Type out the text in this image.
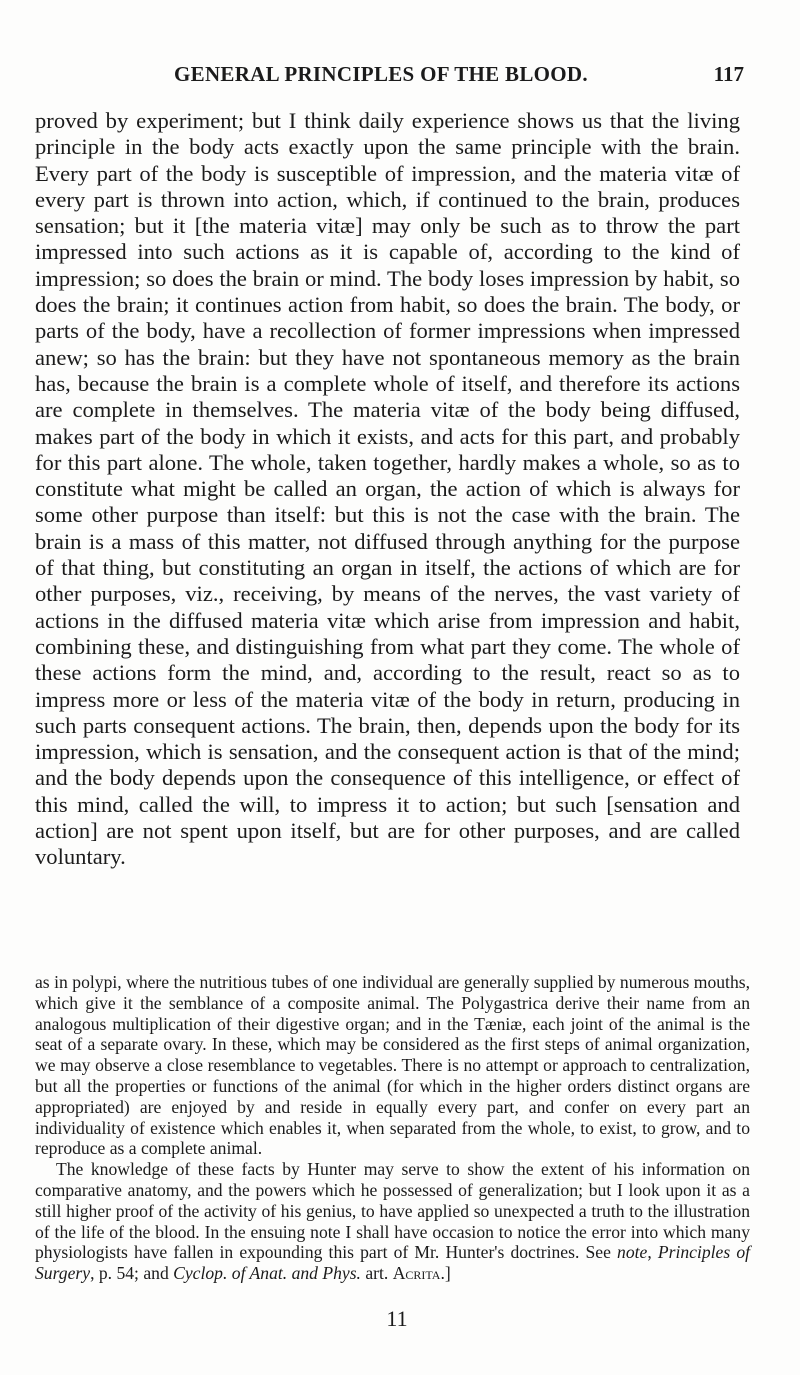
GENERAL PRINCIPLES OF THE BLOOD.	117

proved by experiment; but I think daily experience shows us that the living principle in the body acts exactly upon the same principle with the brain. Every part of the body is susceptible of impression, and the materia vitæ of every part is thrown into action, which, if continued to the brain, produces sensation; but it [the materia vitæ] may only be such as to throw the part impressed into such actions as it is capable of, according to the kind of impression; so does the brain or mind. The body loses impression by habit, so does the brain; it continues action from habit, so does the brain. The body, or parts of the body, have a recollection of former impressions when impressed anew; so has the brain: but they have not spontaneous memory as the brain has, because the brain is a complete whole of itself, and therefore its actions are complete in themselves. The materia vitæ of the body being diffused, makes part of the body in which it exists, and acts for this part, and probably for this part alone. The whole, taken together, hardly makes a whole, so as to constitute what might be called an organ, the action of which is always for some other purpose than itself: but this is not the case with the brain. The brain is a mass of this matter, not diffused through anything for the purpose of that thing, but constituting an organ in itself, the actions of which are for other purposes, viz., receiving, by means of the nerves, the vast variety of actions in the diffused materia vitæ which arise from impression and habit, combining these, and distinguishing from what part they come. The whole of these actions form the mind, and, according to the result, react so as to impress more or less of the materia vitæ of the body in return, producing in such parts consequent actions. The brain, then, depends upon the body for its impression, which is sensation, and the consequent action is that of the mind; and the body depends upon the consequence of this intelligence, or effect of this mind, called the will, to impress it to action; but such [sensation and action] are not spent upon itself, but are for other purposes, and are called voluntary.

as in polypi, where the nutritious tubes of one individual are generally supplied by numerous mouths, which give it the semblance of a composite animal. The Polygastrica derive their name from an analogous multiplication of their digestive organ; and in the Tæniæ, each joint of the animal is the seat of a separate ovary. In these, which may be considered as the first steps of animal organization, we may observe a close resemblance to vegetables. There is no attempt or approach to centralization, but all the properties or functions of the animal (for which in the higher orders distinct organs are appropriated) are enjoyed by and reside in equally every part, and confer on every part an individuality of existence which enables it, when separated from the whole, to exist, to grow, and to reproduce as a complete animal.

The knowledge of these facts by Hunter may serve to show the extent of his information on comparative anatomy, and the powers which he possessed of generalization; but I look upon it as a still higher proof of the activity of his genius, to have applied so unexpected a truth to the illustration of the life of the blood. In the ensuing note I shall have occasion to notice the error into which many physiologists have fallen in expounding this part of Mr. Hunter's doctrines. See note, Principles of Surgery, p. 54; and Cyclop. of Anat. and Phys. art. Acrita.]

11
